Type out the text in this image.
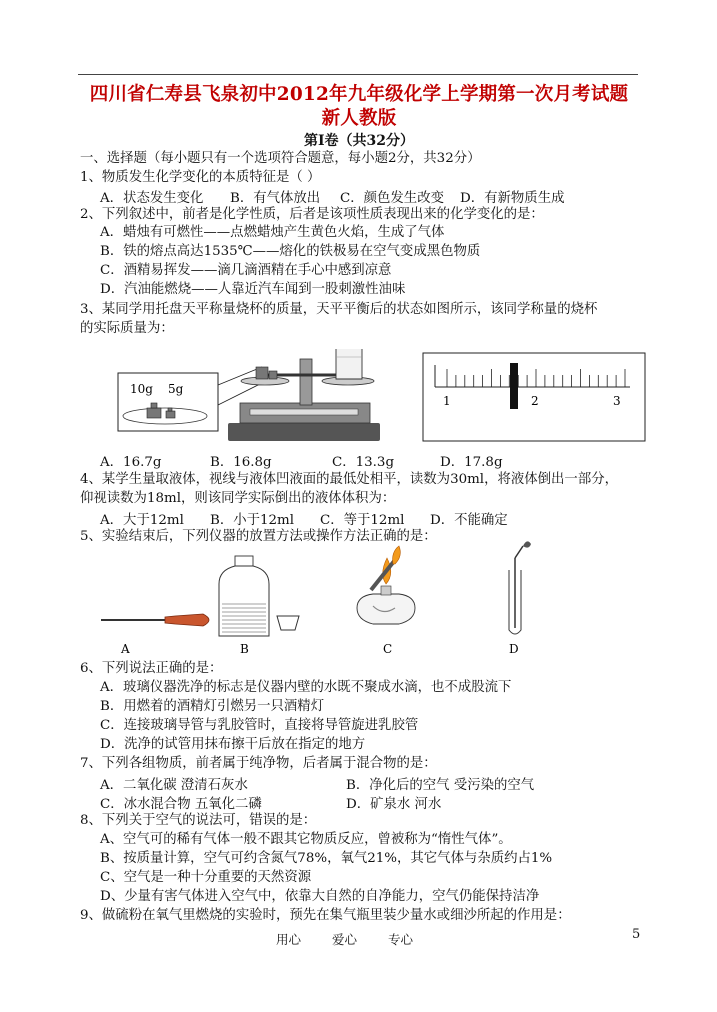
四川省仁寿县飞泉初中2012年九年级化学上学期第一次月考试题
新人教版
第Ⅰ卷（共32分）
一、选择题（每小题只有一个选项符合题意，每小题2分，共32分）
1、物质发生化学变化的本质特征是（ ）
A．状态发生变化 B．有气体放出 C．颜色发生改变 D．有新物质生成
2、下列叙述中，前者是化学性质，后者是该项性质表现出来的化学变化的是：
A．蜡烛有可燃性——点燃蜡烛产生黄色火焰，生成了气体
B．铁的熔点高达1535℃——熔化的铁极易在空气变成黑色物质
C．酒精易挥发——滴几滴酒精在手心中感到凉意
D．汽油能燃烧——人靠近汽车闻到一股刺激性油味
3、某同学用托盘天平称量烧杯的质量，天平平衡后的状态如图所示，该同学称量的烧杯
的实际质量为：
10g 5g
1	2	3
A．16.7g	B．16.8g	C．13.3g	D．17.8g
4、某学生量取液体，视线与液体凹液面的最低处相平，读数为30ml，将液体倒出一部分，
仰视读数为18ml，则该同学实际倒出的液体体积为：
A．大于12ml B．小于12ml C．等于12ml D．不能确定
5、实验结束后，下列仪器的放置方法或操作方法正确的是：
A	B	C	D
6、下列说法正确的是：
A．玻璃仪器洗净的标志是仪器内壁的水既不聚成水滴，也不成股流下
B．用燃着的酒精灯引燃另一只酒精灯
C．连接玻璃导管与乳胶管时，直接将导管旋进乳胶管
D．洗净的试管用抹布擦干后放在指定的地方
7、下列各组物质，前者属于纯净物，后者属于混合物的是：
A．二氧化碳 澄清石灰水	B．净化后的空气 受污染的空气
C．冰水混合物 五氧化二磷	D．矿泉水 河水
8、下列关于空气的说法可，错误的是：
A、空气可的稀有气体一般不跟其它物质反应，曾被称为“惰性气体”。
B、按质量计算，空气可约含氮气78%，氧气21%，其它气体与杂质约占1%
C、空气是一种十分重要的天然资源
D、少量有害气体进入空气中，依靠大自然的自净能力，空气仍能保持洁净
9、做硫粉在氧气里燃烧的实验时，预先在集气瓶里装少量水或细沙所起的作用是：
用心 爱心 专心	5
